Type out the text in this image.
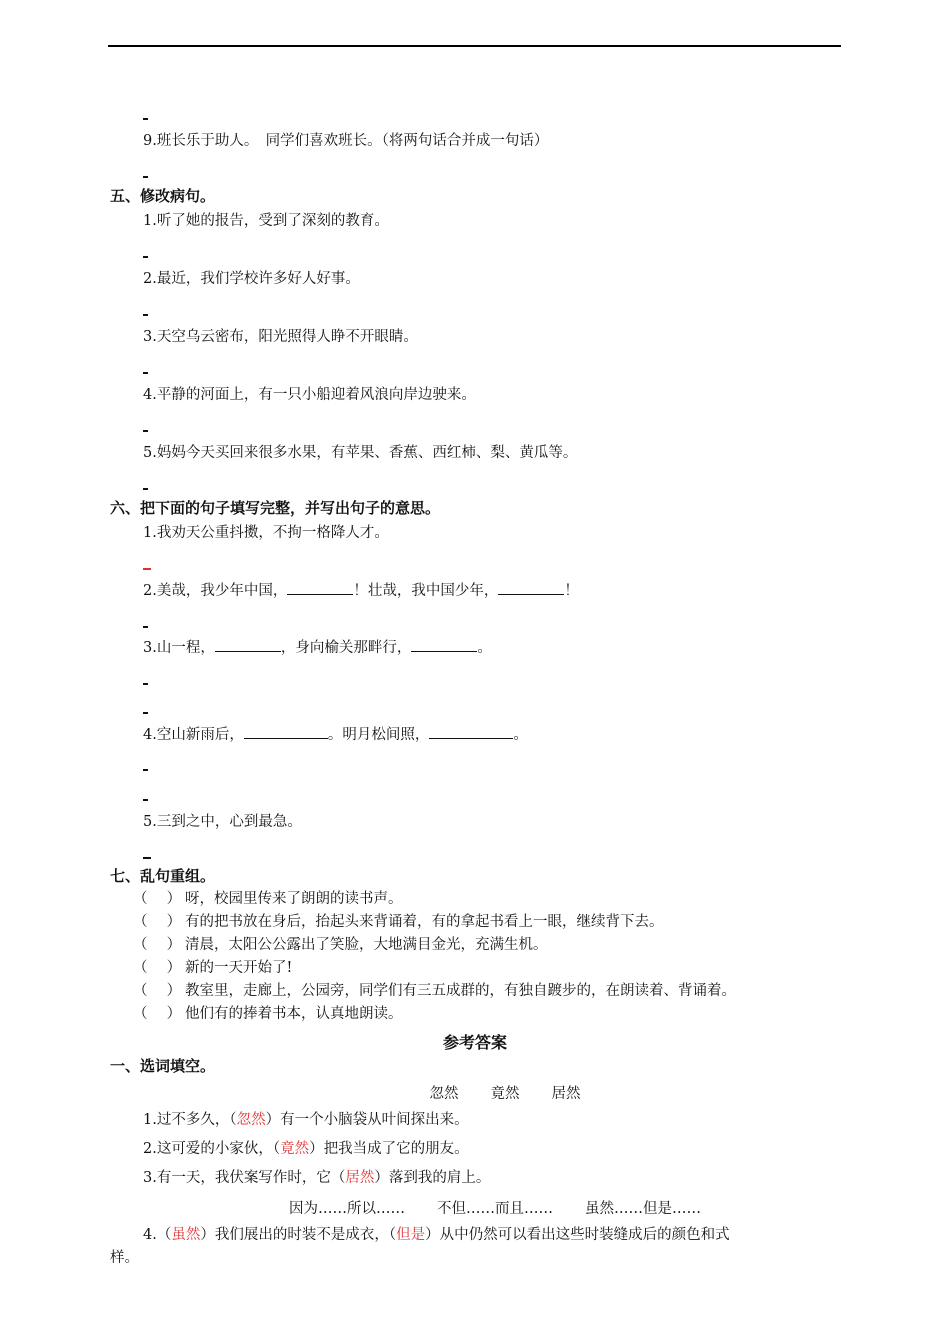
9.班长乐于助人。　同学们喜欢班长。（将两句话合并成一句话）
五、修改病句。
1.听了她的报告，受到了深刻的教育。
2.最近，我们学校许多好人好事。
3.天空乌云密布，阳光照得人睁不开眼睛。
4.平静的河面上，有一只小船迎着风浪向岸边驶来。
5.妈妈今天买回来很多水果，有苹果、香蕉、西红柿、梨、黄瓜等。
六、把下面的句子填写完整，并写出句子的意思。
1.我劝天公重抖擞，不拘一格降人才。
2.美哉，我少年中国，	！壮哉，我中国少年，	！
3.山一程，	，身向榆关那畔行，	。
4.空山新雨后，	。明月松间照，	。
5.三到之中，心到最急。
七、乱句重组。
（　 ） 呀，校园里传来了朗朗的读书声。
（　 ） 有的把书放在身后，抬起头来背诵着，有的拿起书看上一眼，继续背下去。
（　 ） 清晨，太阳公公露出了笑脸，大地满目金光，充满生机。
（　 ） 新的一天开始了!
（　 ） 教室里，走廊上，公园旁，同学们有三五成群的，有独自踱步的，在朗读着、背诵着。
（　 ） 他们有的捧着书本，认真地朗读。
参考答案
一、选词填空。
忽然 竟然 居然
1.过不多久，（忽然）有一个小脑袋从叶间探出来。
2.这可爱的小家伙，（竟然）把我当成了它的朋友。
3.有一天，我伏案写作时，它（居然）落到我的肩上。
因为……所以…… 不但……而且…… 虽然……但是……
4.（虽然）我们展出的时装不是成衣，（但是）从中仍然可以看出这些时装缝成后的颜色和式
样。
